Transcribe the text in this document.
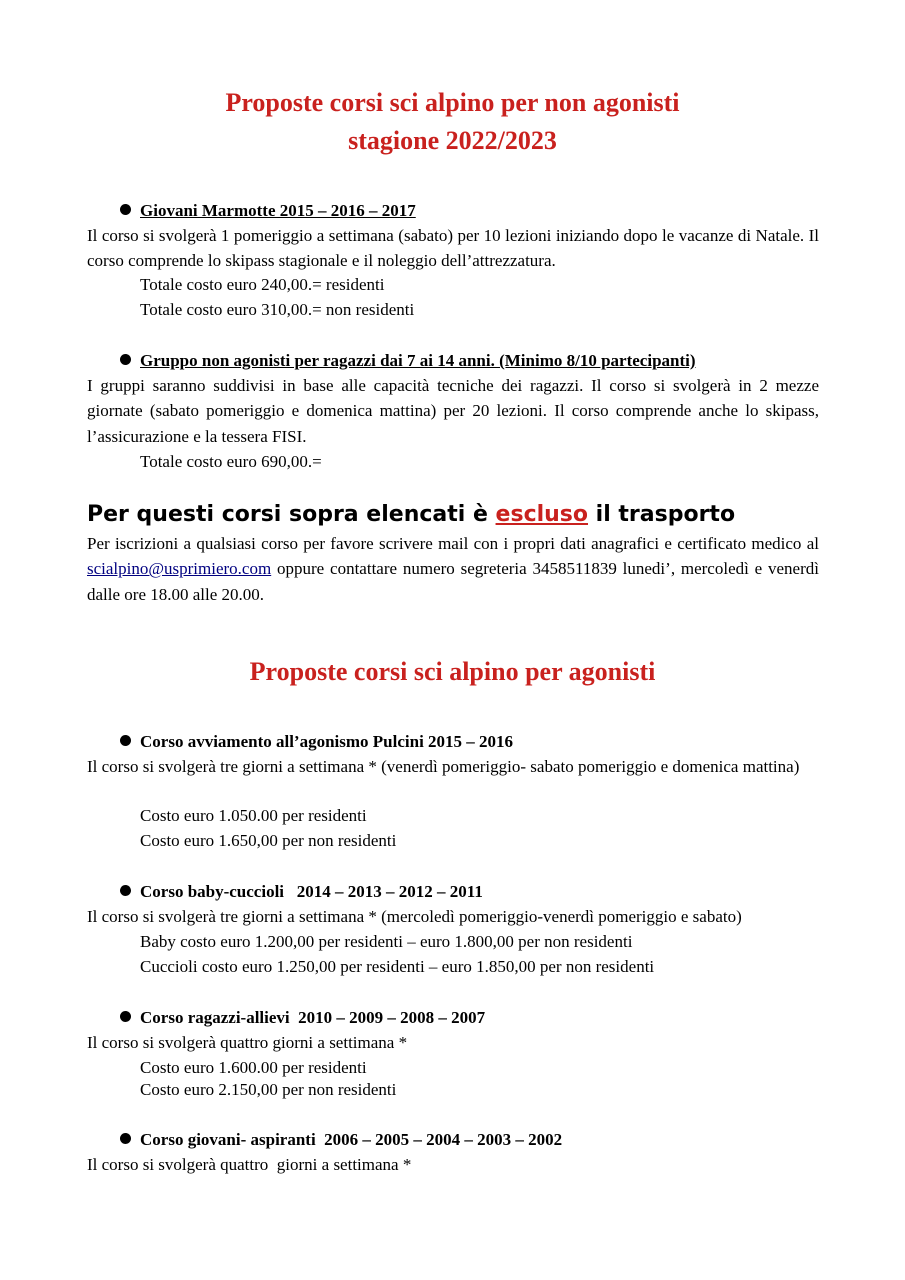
Proposte corsi sci alpino per non agonisti
stagione 2022/2023
Giovani Marmotte 2015 – 2016 – 2017
Il corso si svolgerà 1 pomeriggio a settimana (sabato) per 10 lezioni iniziando dopo le vacanze di Natale. Il corso comprende lo skipass stagionale e il noleggio dell’attrezzatura.
Totale costo euro 240,00.= residenti
Totale costo euro 310,00.= non residenti
Gruppo non agonisti per ragazzi dai 7 ai 14 anni. (Minimo 8/10 partecipanti)
I gruppi saranno suddivisi in base alle capacità tecniche dei ragazzi. Il corso si svolgerà in 2 mezze giornate (sabato pomeriggio e domenica mattina) per 20 lezioni. Il corso comprende anche lo skipass, l’assicurazione e la tessera FISI.
Totale costo euro 690,00.=
Per questi corsi sopra elencati è escluso il trasporto
Per iscrizioni a qualsiasi corso per favore scrivere mail con i propri dati anagrafici e certificato medico al scialpino@usprimiero.com oppure contattare numero segreteria 3458511839 lunedi’, mercoledì e venerdì dalle ore 18.00 alle 20.00.
Proposte corsi sci alpino per agonisti
Corso avviamento all’agonismo Pulcini 2015 – 2016
Il corso si svolgerà tre giorni a settimana * (venerdì pomeriggio- sabato pomeriggio e domenica mattina)
Costo euro 1.050.00 per residenti
Costo euro 1.650,00 per non residenti
Corso baby-cuccioli   2014 – 2013 – 2012 – 2011
Il corso si svolgerà tre giorni a settimana * (mercoledì pomeriggio-venerdì pomeriggio e sabato)
Baby costo euro 1.200,00 per residenti – euro 1.800,00 per non residenti
Cuccioli costo euro 1.250,00 per residenti – euro 1.850,00 per non residenti
Corso ragazzi-allievi  2010 – 2009 – 2008 – 2007
Il corso si svolgerà quattro giorni a settimana *
Costo euro 1.600.00 per residenti
Costo euro 2.150,00 per non residenti
Corso giovani- aspiranti  2006 – 2005 – 2004 – 2003 – 2002
Il corso si svolgerà quattro  giorni a settimana *
